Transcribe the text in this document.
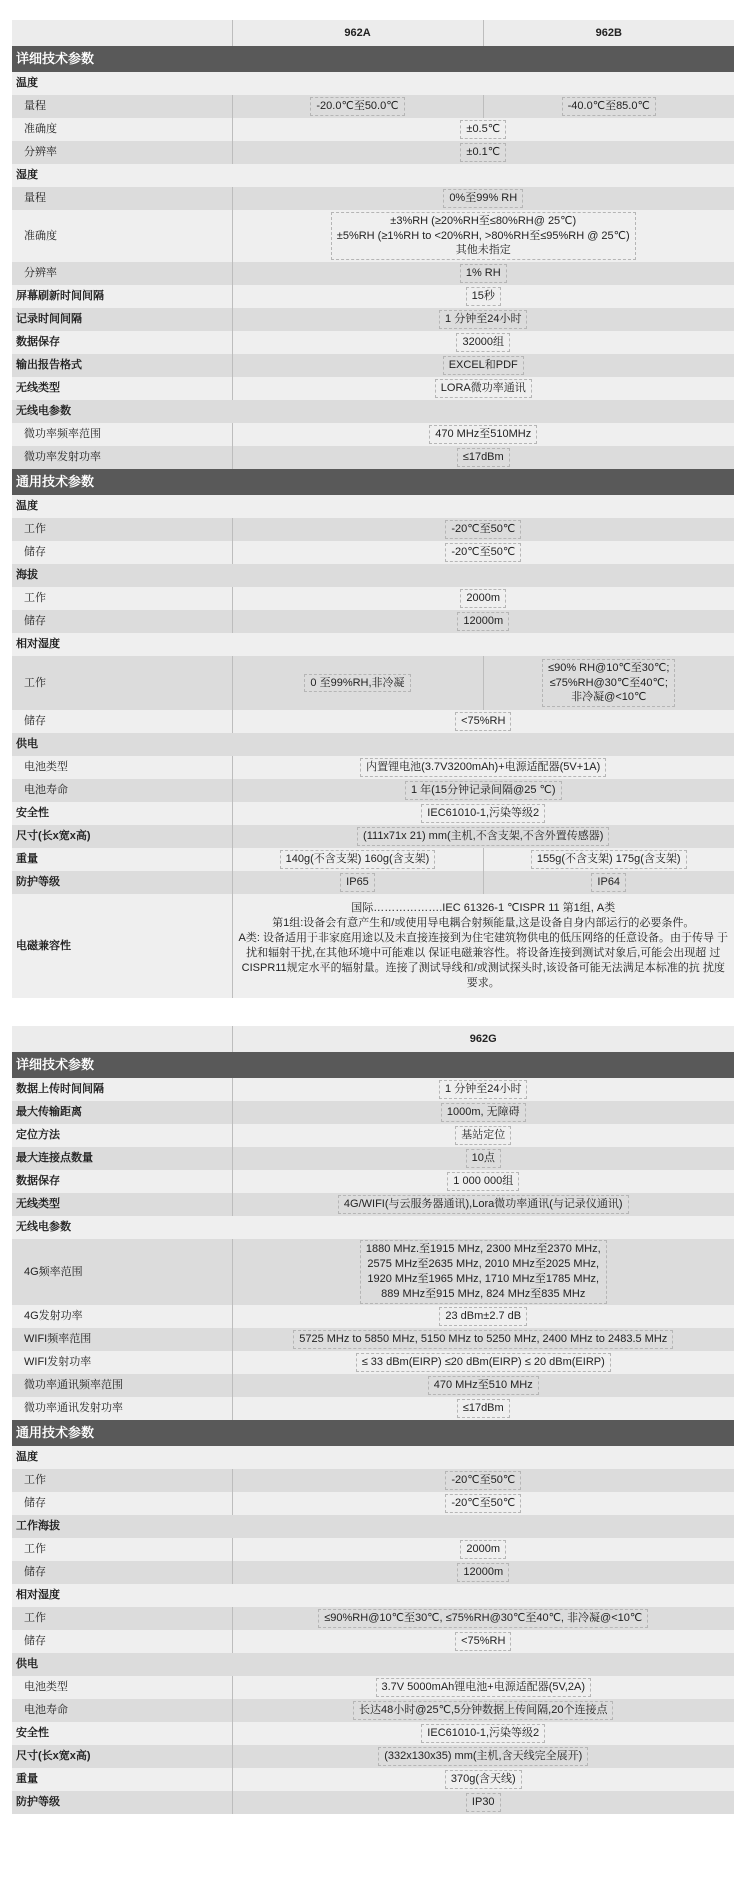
	962A	962B
详细技术参数		
温度		
量程	-20.0℃至50.0℃	-40.0℃至85.0℃
准确度	±0.5℃	
分辨率	±0.1℃	
湿度		
量程	0%至99% RH	
准确度	±3%RH (≥20%RH至≤80%RH@ 25℃)
±5%RH (≥1%RH to <20%RH, >80%RH至≤95%RH @ 25℃)
其他未指定	
分辨率	1% RH	
屏幕刷新时间间隔	15秒	
记录时间间隔	1 分钟至24小时	
数据保存	32000组	
输出报告格式	EXCEL和PDF	
无线类型	LORA微功率通讯	
无线电参数		
微功率频率范围	470 MHz至510MHz	
微功率发射功率	≤17dBm	
通用技术参数		
温度		
工作	-20℃至50℃	
储存	-20℃至50℃	
海拔		
工作	2000m	
储存	12000m	
相对湿度		
工作	0 至99%RH,非冷凝	≤90% RH@10℃至30℃;
≤75%RH@30℃至40℃;
非冷凝@<10℃
储存	<75%RH	
供电		
电池类型	内置锂电池(3.7V3200mAh)+电源适配器(5V+1A)	
电池寿命	1 年(15分钟记录间隔@25 ℃)	
安全性	IEC61010-1,污染等级2	
尺寸(长x宽x高)	(111x71x 21) mm(主机,不含支架,不含外置传感器)	
重量	140g(不含支架) 160g(含支架)	155g(不含支架) 175g(含支架)
防护等级	IP65	IP64
电磁兼容性	国际……………….IEC 61326-1 ℃ISPR 11 第1组, A类
第1组:设备会有意产生和/或使用导电耦合射频能量,这是设备自身内部运行的必要条件。
A类: 设备适用于非家庭用途以及未直接连接到为住宅建筑物供电的低压网络的任意设备。由于传导 于扰和辐射干扰,在其他环境中可能难以 保证电磁兼容性。将设备连接到测试对象后,可能会出现超 过CISPR11规定水平的辐射量。连接了测试导线和/或测试探头时,该设备可能无法满足本标准的抗 扰度要求。	
	962G
详细技术参数	
数据上传时间间隔	1 分钟至24小时
最大传输距离	1000m, 无障碍
定位方法	基站定位
最大连接点数量	10点
数据保存	1 000 000组
无线类型	4G/WIFI(与云服务器通讯),Lora微功率通讯(与记录仪通讯)
无线电参数	
4G频率范围	1880 MHz.至1915 MHz, 2300 MHz至2370 MHz,
2575 MHz至2635 MHz, 2010 MHz至2025 MHz,
1920 MHz至1965 MHz, 1710 MHz至1785 MHz,
889 MHz至915 MHz, 824 MHz至835 MHz
4G发射功率	23 dBm±2.7 dB
WIFI频率范围	5725 MHz to 5850 MHz, 5150 MHz to 5250 MHz, 2400 MHz to 2483.5 MHz
WIFI发射功率	≤ 33 dBm(EIRP) ≤20 dBm(EIRP) ≤ 20 dBm(EIRP)
微功率通讯频率范围	470 MHz至510 MHz
微功率通讯发射功率	≤17dBm
通用技术参数	
温度	
工作	-20℃至50℃
储存	-20℃至50℃
工作海拔	
工作	2000m
储存	12000m
相对湿度	
工作	≤90%RH@10℃至30℃, ≤75%RH@30℃至40℃, 非冷凝@<10℃
储存	<75%RH
供电	
电池类型	3.7V 5000mAh锂电池+电源适配器(5V,2A)
电池寿命	长达48小时@25℃,5分钟数据上传间隔,20个连接点
安全性	IEC61010-1,污染等级2
尺寸(长x宽x高)	(332x130x35) mm(主机,含天线完全展开)
重量	370g(含天线)
防护等级	IP30
